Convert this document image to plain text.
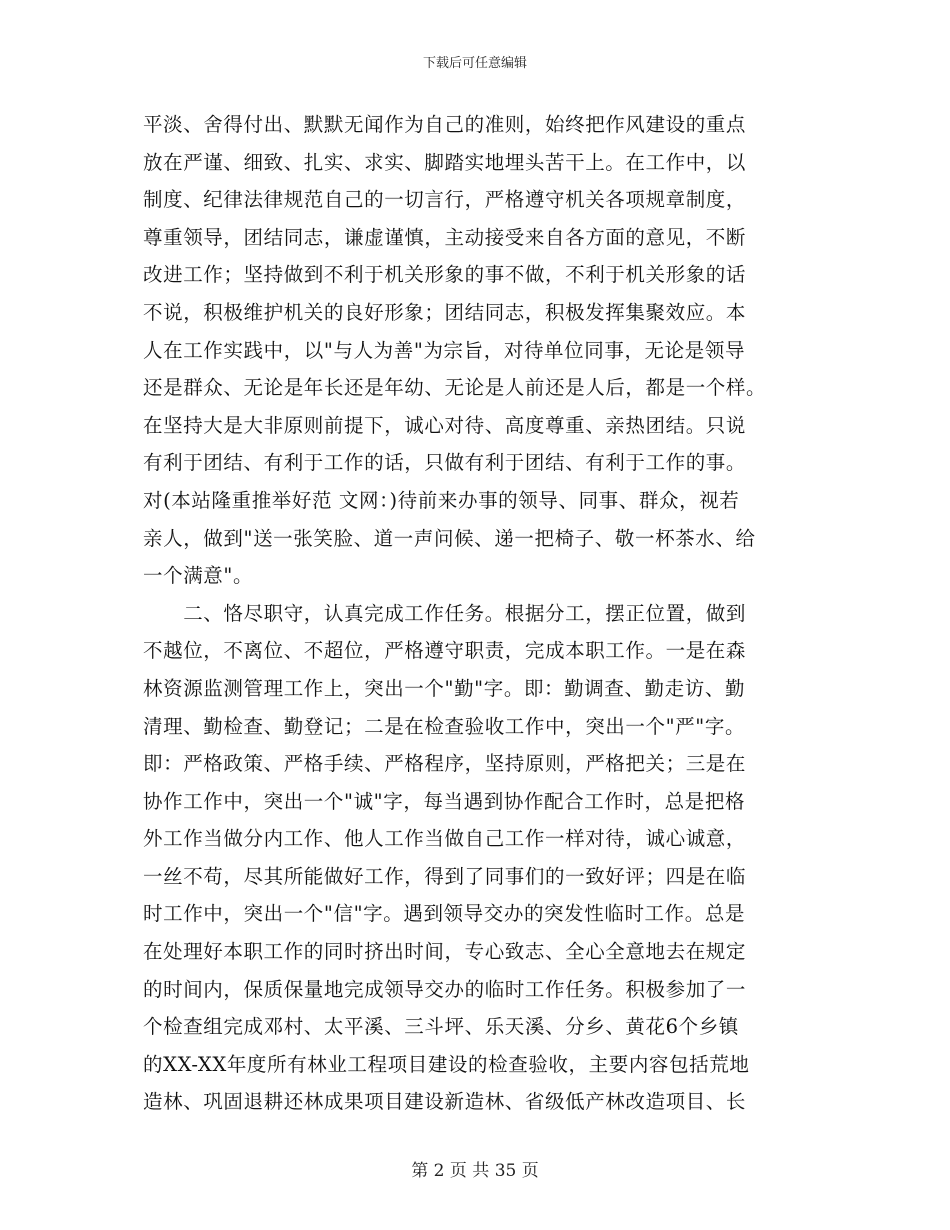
下载后可任意编辑
平淡、舍得付出、默默无闻作为自己的准则，始终把作风建设的重点
放在严谨、细致、扎实、求实、脚踏实地埋头苦干上。在工作中，以
制度、纪律法律规范自己的一切言行，严格遵守机关各项规章制度，
尊重领导，团结同志，谦虚谨慎，主动接受来自各方面的意见，不断
改进工作；坚持做到不利于机关形象的事不做，不利于机关形象的话
不说，积极维护机关的良好形象；团结同志，积极发挥集聚效应。本
人在工作实践中，以"与人为善"为宗旨，对待单位同事，无论是领导
还是群众、无论是年长还是年幼、无论是人前还是人后，都是一个样。
在坚持大是大非原则前提下，诚心对待、高度尊重、亲热团结。只说
有利于团结、有利于工作的话，只做有利于团结、有利于工作的事。
对(本站隆重推举好范 文网：)待前来办事的领导、同事、群众，视若
亲人，做到"送一张笑脸、道一声问候、递一把椅子、敬一杯茶水、给
一个满意"。
　　二、恪尽职守，认真完成工作任务。根据分工，摆正位置，做到
不越位，不离位、不超位，严格遵守职责，完成本职工作。一是在森
林资源监测管理工作上，突出一个"勤"字。即：勤调查、勤走访、勤
清理、勤检查、勤登记；二是在检查验收工作中，突出一个"严"字。
即：严格政策、严格手续、严格程序，坚持原则，严格把关；三是在
协作工作中，突出一个"诚"字，每当遇到协作配合工作时，总是把格
外工作当做分内工作、他人工作当做自己工作一样对待，诚心诚意，
一丝不苟，尽其所能做好工作，得到了同事们的一致好评；四是在临
时工作中，突出一个"信"字。遇到领导交办的突发性临时工作。总是
在处理好本职工作的同时挤出时间，专心致志、全心全意地去在规定
的时间内，保质保量地完成领导交办的临时工作任务。积极参加了一
个检查组完成邓村、太平溪、三斗坪、乐天溪、分乡、黄花6个乡镇
的XX-XX年度所有林业工程项目建设的检查验收，主要内容包括荒地
造林、巩固退耕还林成果项目建设新造林、省级低产林改造项目、长
第 2 页 共 35 页
